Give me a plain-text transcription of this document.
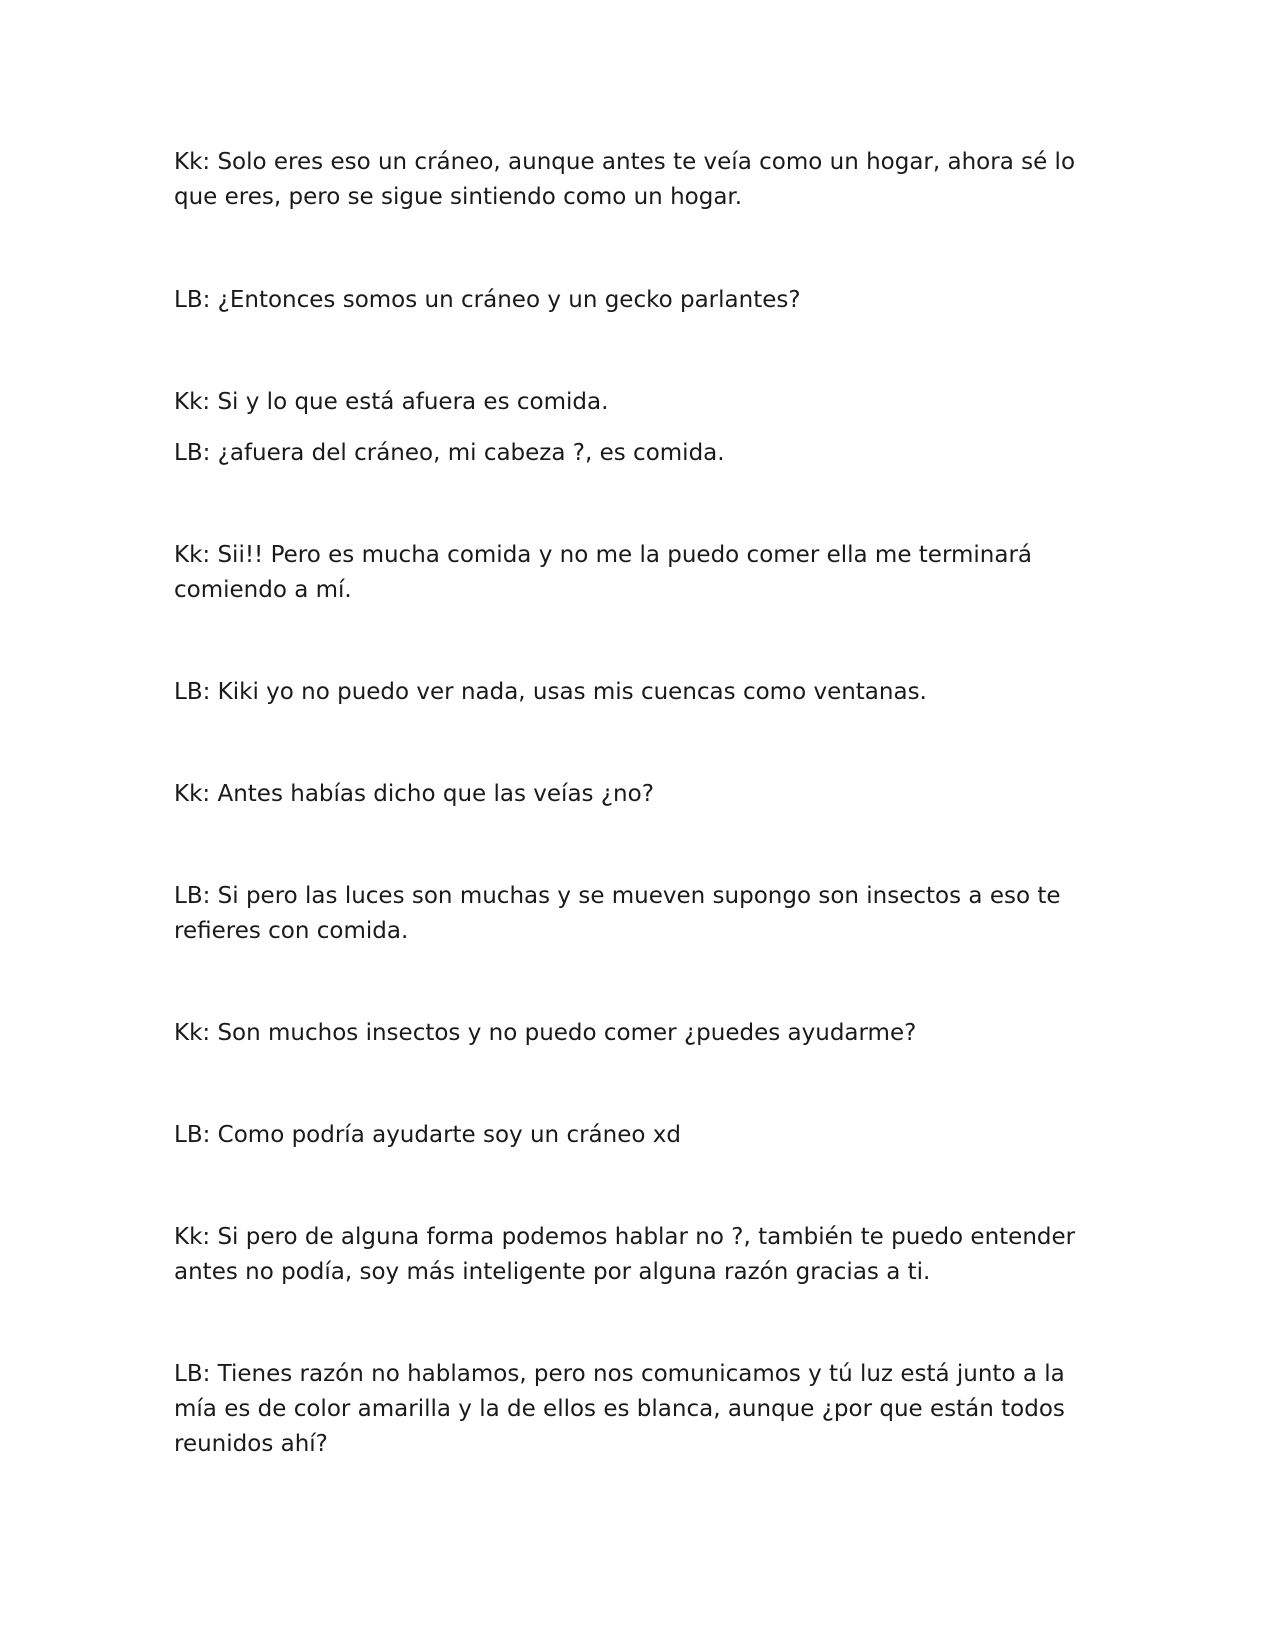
Kk: Solo eres eso un cráneo, aunque antes te veía como un hogar, ahora sé lo que eres, pero se sigue sintiendo como un hogar.

LB: ¿Entonces somos un cráneo y un gecko parlantes?

Kk: Si y lo que está afuera es comida.

LB: ¿afuera del cráneo, mi cabeza ?, es comida.

Kk: Sii!! Pero es mucha comida y no me la puedo comer ella me terminará comiendo a mí.

LB: Kiki yo no puedo ver nada, usas mis cuencas como ventanas.

Kk: Antes habías dicho que las veías ¿no?

LB: Si pero las luces son muchas y se mueven supongo son insectos a eso te refieres con comida.

Kk: Son muchos insectos y no puedo comer ¿puedes ayudarme?

LB: Como podría ayudarte soy un cráneo xd

Kk: Si pero de alguna forma podemos hablar no ?, también te puedo entender antes no podía, soy más inteligente por alguna razón gracias a ti.

LB: Tienes razón no hablamos, pero nos comunicamos y tú luz está junto a la mía es de color amarilla y la de ellos es blanca, aunque ¿por que están todos reunidos ahí?
